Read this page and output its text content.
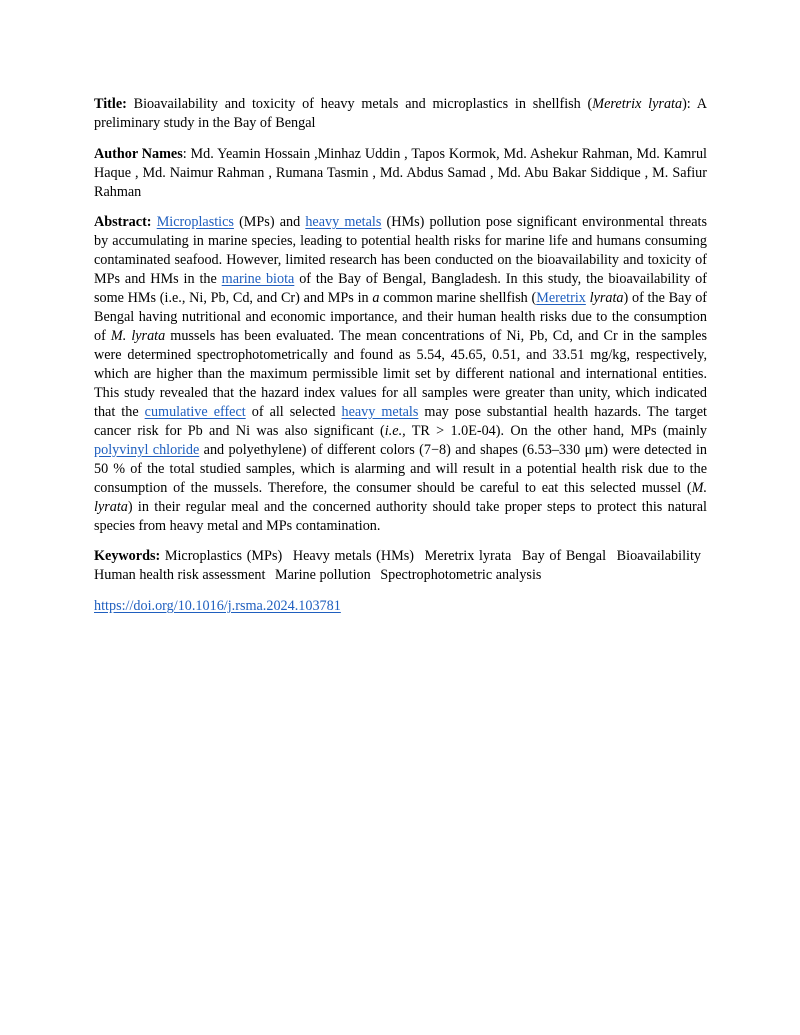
Title: Bioavailability and toxicity of heavy metals and microplastics in shellfish (Meretrix lyrata): A preliminary study in the Bay of Bengal

Author Names: Md. Yeamin Hossain ,Minhaz Uddin , Tapos Kormok, Md. Ashekur Rahman, Md. Kamrul Haque , Md. Naimur Rahman , Rumana Tasmin , Md. Abdus Samad , Md. Abu Bakar Siddique , M. Safiur Rahman

Abstract: Microplastics (MPs) and heavy metals (HMs) pollution pose significant environmental threats by accumulating in marine species, leading to potential health risks for marine life and humans consuming contaminated seafood. However, limited research has been conducted on the bioavailability and toxicity of MPs and HMs in the marine biota of the Bay of Bengal, Bangladesh. In this study, the bioavailability of some HMs (i.e., Ni, Pb, Cd, and Cr) and MPs in a common marine shellfish (Meretrix lyrata) of the Bay of Bengal having nutritional and economic importance, and their human health risks due to the consumption of M. lyrata mussels has been evaluated. The mean concentrations of Ni, Pb, Cd, and Cr in the samples were determined spectrophotometrically and found as 5.54, 45.65, 0.51, and 33.51 mg/kg, respectively, which are higher than the maximum permissible limit set by different national and international entities. This study revealed that the hazard index values for all samples were greater than unity, which indicated that the cumulative effect of all selected heavy metals may pose substantial health hazards. The target cancer risk for Pb and Ni was also significant (i.e., TR > 1.0E-04). On the other hand, MPs (mainly polyvinyl chloride and polyethylene) of different colors (7−8) and shapes (6.53–330 μm) were detected in 50 % of the total studied samples, which is alarming and will result in a potential health risk due to the consumption of the mussels. Therefore, the consumer should be careful to eat this selected mussel (M. lyrata) in their regular meal and the concerned authority should take proper steps to protect this natural species from heavy metal and MPs contamination.

Keywords: Microplastics (MPs) Heavy metals (HMs) Meretrix lyrata Bay of Bengal Bioavailability Human health risk assessment Marine pollution Spectrophotometric analysis

https://doi.org/10.1016/j.rsma.2024.103781
